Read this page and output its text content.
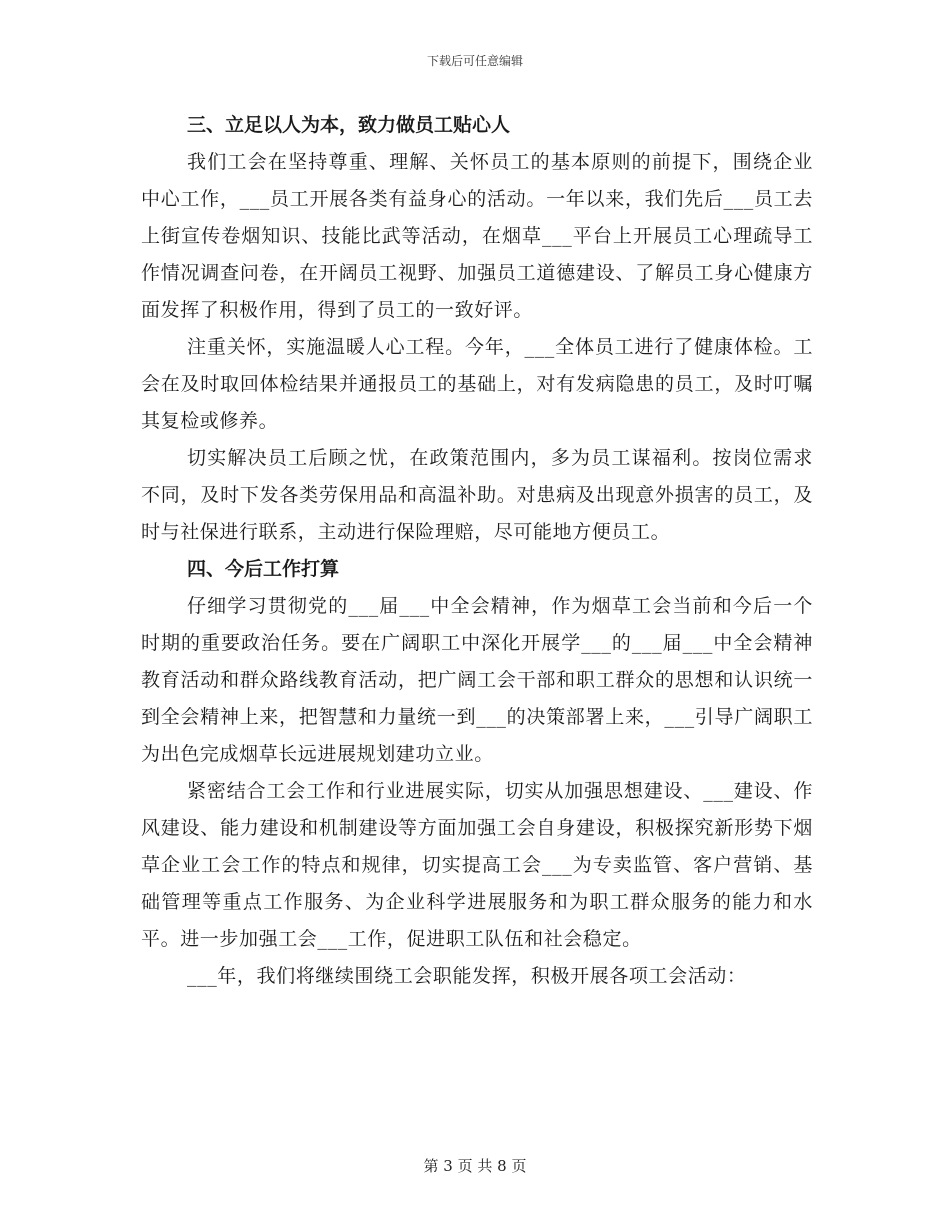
下载后可任意编辑
三、立足以人为本，致力做员工贴心人

我们工会在坚持尊重、理解、关怀员工的基本原则的前提下，围绕企业中心工作，___员工开展各类有益身心的活动。一年以来，我们先后___员工去上街宣传卷烟知识、技能比武等活动，在烟草___平台上开展员工心理疏导工作情况调查问卷，在开阔员工视野、加强员工道德建设、了解员工身心健康方面发挥了积极作用，得到了员工的一致好评。

注重关怀，实施温暖人心工程。今年，___全体员工进行了健康体检。工会在及时取回体检结果并通报员工的基础上，对有发病隐患的员工，及时叮嘱其复检或修养。

切实解决员工后顾之忧，在政策范围内，多为员工谋福利。按岗位需求不同，及时下发各类劳保用品和高温补助。对患病及出现意外损害的员工，及时与社保进行联系，主动进行保险理赔，尽可能地方便员工。

四、今后工作打算

仔细学习贯彻党的___届___中全会精神，作为烟草工会当前和今后一个时期的重要政治任务。要在广阔职工中深化开展学___的___届___中全会精神教育活动和群众路线教育活动，把广阔工会干部和职工群众的思想和认识统一到全会精神上来，把智慧和力量统一到___的决策部署上来，___引导广阔职工为出色完成烟草长远进展规划建功立业。

紧密结合工会工作和行业进展实际，切实从加强思想建设、___建设、作风建设、能力建设和机制建设等方面加强工会自身建设，积极探究新形势下烟草企业工会工作的特点和规律，切实提高工会___为专卖监管、客户营销、基础管理等重点工作服务、为企业科学进展服务和为职工群众服务的能力和水平。进一步加强工会___工作，促进职工队伍和社会稳定。

___年，我们将继续围绕工会职能发挥，积极开展各项工会活动：

第 3 页 共 8 页
